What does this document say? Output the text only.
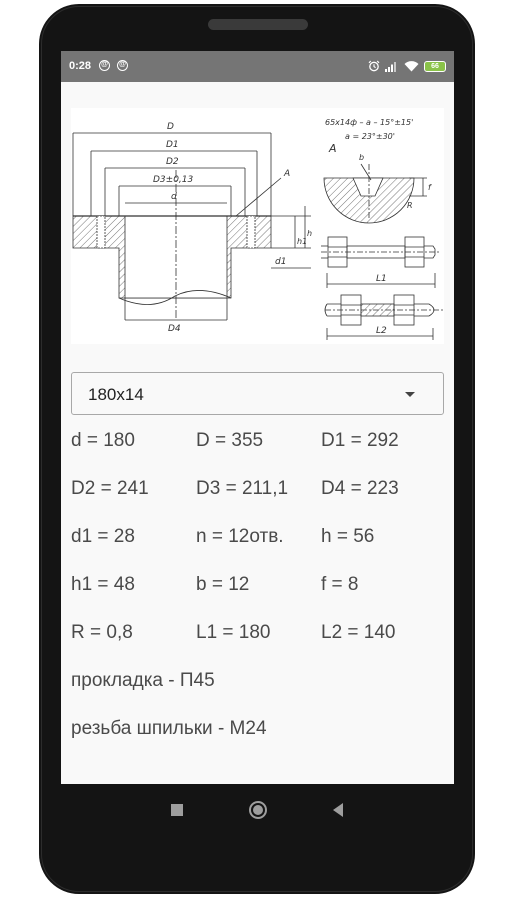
0:28 @ @	66
D
D1
D2
D3±0,13
d
A
D4
h1
h
d1
65x14ф – a – 15°±15'
a = 23°±30'
A
b
f
R
L1
L2
180x14
d = 180	D = 355	D1 = 292
D2 = 241 D3 = 211,1 D4 = 223
d1 = 28	n = 12отв. h = 56
h1 = 48	b = 12	f = 8
R = 0,8	L1 = 180	L2 = 140
прокладка - П45
резьба шпильки - М24
